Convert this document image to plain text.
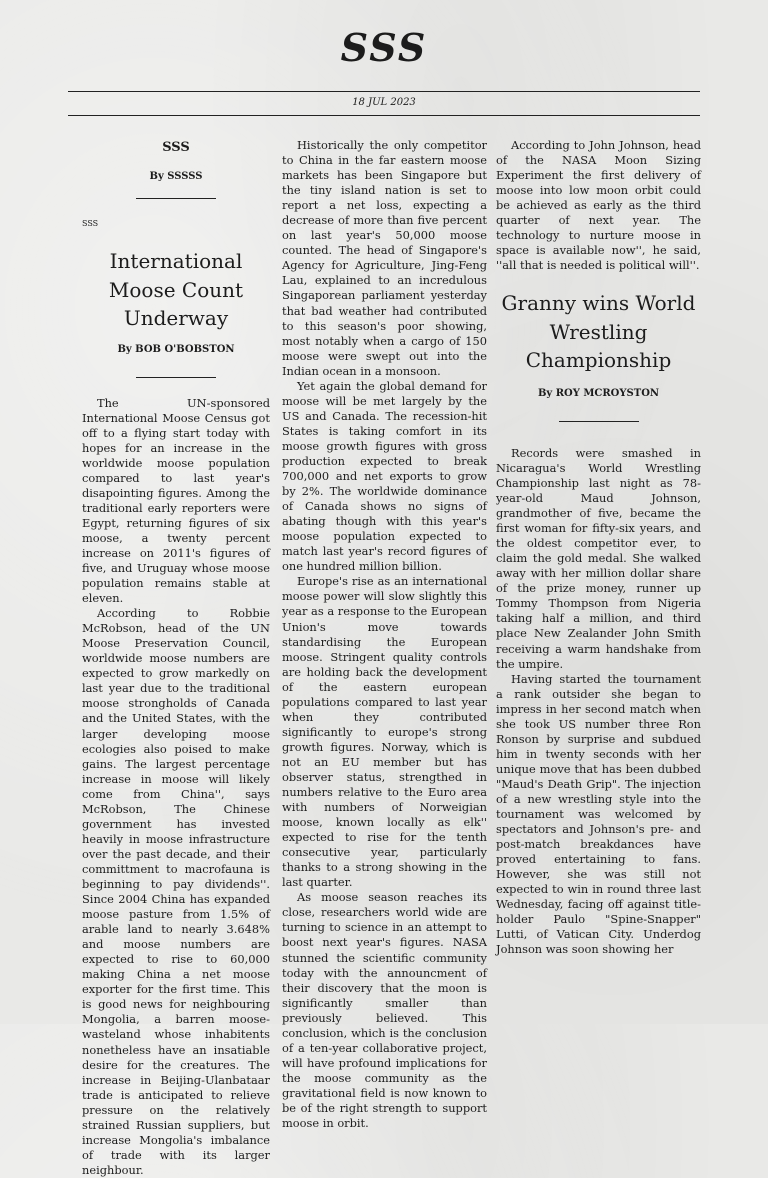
SSS
18 JUL 2023
SSS
By SSSSS
SSS
International Moose Count Underway
By BOB O'BOBSTON

The UN-sponsored International Moose Census got off to a flying start today with hopes for an increase in the worldwide moose population compared to last year's disapointing figures. Among the traditional early reporters were Egypt, returning figures of six moose, a twenty percent increase on 2011's figures of five, and Uruguay whose moose population remains stable at eleven.

According to Robbie McRobson, head of the UN Moose Preservation Council, worldwide moose numbers are expected to grow markedly on last year due to the traditional moose strongholds of Canada and the United States, with the larger developing moose ecologies also poised to make gains. The largest percentage increase in moose will likely come from China'', says McRobson, The Chinese government has invested heavily in moose infrastructure over the past decade, and their committment to macrofauna is beginning to pay dividends''. Since 2004 China has expanded moose pasture from 1.5% of arable land to nearly 3.648% and moose numbers are expected to rise to 60,000 making China a net moose exporter for the first time. This is good news for neighbouring Mongolia, a barren moose-wasteland whose inhabitents nonetheless have an insatiable desire for the creatures. The increase in Beijing-Ulanbataar trade is anticipated to relieve pressure on the relatively strained Russian suppliers, but increase Mongolia's imbalance of trade with its larger neighbour.

Historically the only competitor to China in the far eastern moose markets has been Singapore but the tiny island nation is set to report a net loss, expecting a decrease of more than five percent on last year's 50,000 moose counted. The head of Singapore's Agency for Agriculture, Jing-Feng Lau, explained to an incredulous Singaporean parliament yesterday that bad weather had contributed to this season's poor showing, most notably when a cargo of 150 moose were swept out into the Indian ocean in a monsoon.

Yet again the global demand for moose will be met largely by the US and Canada. The recession-hit States is taking comfort in its moose growth figures with gross production expected to break 700,000 and net exports to grow by 2%. The worldwide dominance of Canada shows no signs of abating though with this year's moose population expected to match last year's record figures of one hundred million billion.

Europe's rise as an international moose power will slow slightly this year as a response to the European Union's move towards standardising the European moose. Stringent quality controls are holding back the development of the eastern european populations compared to last year when they contributed significantly to europe's strong growth figures. Norway, which is not an EU member but has observer status, strengthed in numbers relative to the Euro area with numbers of Norweigian moose, known locally as elk'' expected to rise for the tenth consecutive year, particularly thanks to a strong showing in the last quarter.

As moose season reaches its close, researchers world wide are turning to science in an attempt to boost next year's figures. NASA stunned the scientific community today with the announcment of their discovery that the moon is significantly smaller than previously believed. This conclusion, which is the conclusion of a ten-year collaborative project, will have profound implications for the moose community as the gravitational field is now known to be of the right strength to support moose in orbit.

According to John Johnson, head of the NASA Moon Sizing Experiment the first delivery of moose into low moon orbit could be achieved as early as the third quarter of next year. The technology to nurture moose in space is available now'', he said, ''all that is needed is political will''.

Granny wins World Wrestling Championship
By ROY MCROYSTON

Records were smashed in Nicaragua's World Wrestling Championship last night as 78-year-old Maud Johnson, grandmother of five, became the first woman for fifty-six years, and the oldest competitor ever, to claim the gold medal. She walked away with her million dollar share of the prize money, runner up Tommy Thompson from Nigeria taking half a million, and third place New Zealander John Smith receiving a warm handshake from the umpire.

Having started the tournament a rank outsider she began to impress in her second match when she took US number three Ron Ronson by surprise and subdued him in twenty seconds with her unique move that has been dubbed "Maud's Death Grip". The injection of a new wrestling style into the tournament was welcomed by spectators and Johnson's pre- and post-match breakdances have proved entertaining to fans. However, she was still not expected to win in round three last Wednesday, facing off against title-holder Paulo "Spine-Snapper" Lutti, of Vatican City. Underdog Johnson was soon showing her
